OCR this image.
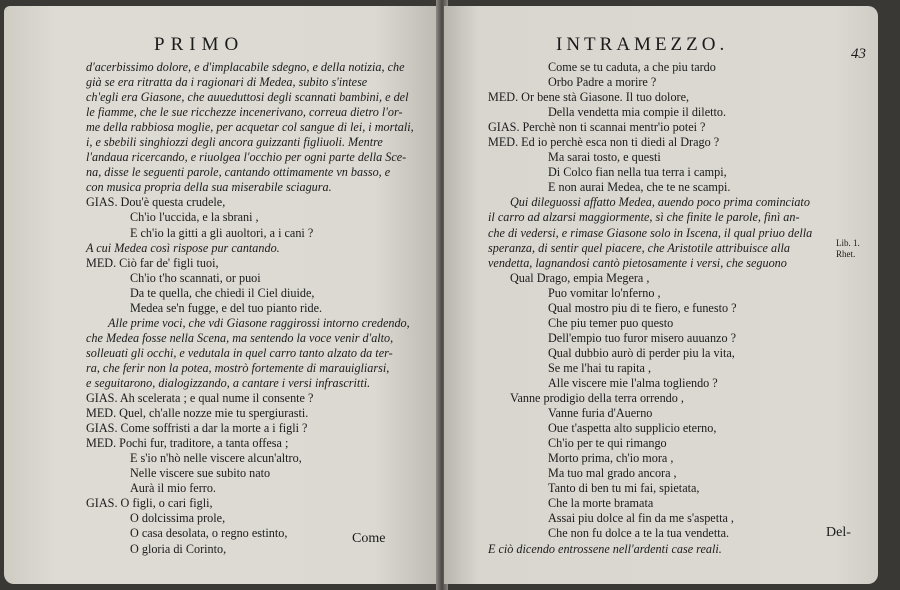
PRIMO
d'acerbissimo dolore, e d'implacabile sdegno, e della notizia, che
già se era ritratta da i ragionari di Medea, subito s'intese
ch'egli era Giasone, che auueduttosi degli scannati bambini, e del
le fiamme, che le sue ricchezze incenerivano, correua dietro l'or-
me della rabbiosa moglie, per acquetar col sangue di lei, i mortali,
i, e sbebili singhiozzi degli ancora guizzanti figliuoli. Mentre
l'andaua ricercando, e riuolgea l'occhio per ogni parte della Sce-
na, disse le seguenti parole, cantando ottimamente vn basso, e
con musica propria della sua miserabile sciagura.
GIAS. Dou'è questa crudele,
Ch'io l'uccida, e la sbrani ,
E ch'io la gitti a gli auoltori, a i cani ?
A cui Medea così rispose pur cantando.
MED. Ciò far de' figli tuoi,
Ch'io t'ho scannati, or puoi
Da te quella, che chiedi il Ciel diuide,
Medea se'n fugge, e del tuo pianto ride.
Alle prime voci, che vdi Giasone raggirossi intorno credendo,
che Medea fosse nella Scena, ma sentendo la voce venir d'alto,
solleuati gli occhi, e vedutala in quel carro tanto alzato da ter-
ra, che ferir non la potea, mostrò fortemente di marauigliarsi,
e seguitarono, dialogizzando, a cantare i versi infrascritti.
GIAS. Ah scelerata ; e qual nume il consente ?
MED. Quel, ch'alle nozze mie tu spergiurasti.
GIAS. Come soffristi a dar la morte a i figli ?
MED. Pochi fur, traditore, a tanta offesa ;
E s'io n'hò nelle viscere alcun'altro,
Nelle viscere sue subito nato
Aurà il mio ferro.
GIAS. O figli, o cari figli,
O dolcissima prole,
O casa desolata, o regno estinto,
O gloria di Corinto,
Come
INTRAMEZZO.	43
Come se tu caduta, a che piu tardo
Orbo Padre a morire ?
MED. Or bene stà Giasone. Il tuo dolore,
Della vendetta mia compie il diletto.
GIAS. Perchè non ti scannai mentr'io potei ?
MED. Ed io perchè esca non ti diedi al Drago ?
Ma sarai tosto, e questi
Di Colco fian nella tua terra i campi,
E non aurai Medea, che te ne scampi.
Qui dileguossi affatto Medea, auendo poco prima cominciato
il carro ad alzarsi maggiormente, sì che finite le parole, finì an-
che di vedersi, e rimase Giasone solo in Iscena, il qual priuo della
speranza, di sentir quel piacere, che Aristotile attribuisce alla
vendetta, lagnandosi cantò pietosamente i versi, che seguono
Qual Drago, empia Megera ,
Puo vomitar lo'nferno ,
Qual mostro piu di te fiero, e funesto ?
Che piu temer puo questo
Dell'empio tuo furor misero auuanzo ?
Qual dubbio aurò di perder piu la vita,
Se me l'hai tu rapita ,
Alle viscere mie l'alma togliendo ?
Vanne prodigio della terra orrendo ,
Vanne furia d'Auerno
Oue t'aspetta alto supplicio eterno,
Ch'io per te qui rimango
Morto prima, ch'io mora ,
Ma tuo mal grado ancora ,
Tanto di ben tu mi fai, spietata,
Che la morte bramata
Assai piu dolce al fin da me s'aspetta ,
Che non fu dolce a te la tua vendetta.
E ciò dicendo entrossene nell'ardenti case reali.
Lib. 1. Rhet.
Del-
